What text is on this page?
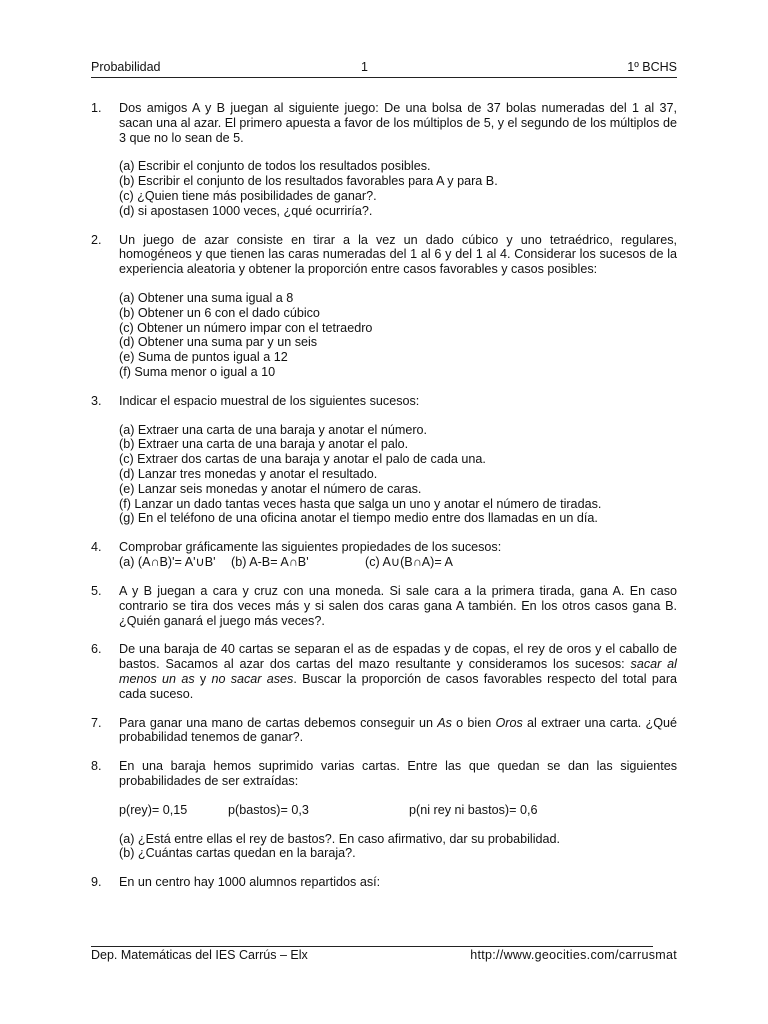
Probabilidad	1	1º BCHS
1. Dos amigos A y B juegan al siguiente juego: De una bolsa de 37 bolas numeradas del 1 al 37, sacan una al azar. El primero apuesta a favor de los múltiplos de 5, y el segundo de los múltiplos de 3 que no lo sean de 5.

(a) Escribir el conjunto de todos los resultados posibles.

(b) Escribir el conjunto de los resultados favorables para A y para B.

(c) ¿Quien tiene más posibilidades de ganar?.

(d) si apostasen 1000 veces, ¿qué ocurriría?.

2. Un juego de azar consiste en tirar a la vez un dado cúbico y uno tetraédrico, regulares, homogéneos y que tienen las caras numeradas del 1 al 6 y del 1 al 4. Considerar los sucesos de la experiencia aleatoria y obtener la proporción entre casos favorables y casos posibles:

(a) Obtener una suma igual a 8

(b) Obtener un 6 con el dado cúbico

(c) Obtener un número impar con el tetraedro

(d) Obtener una suma par y un seis

(e) Suma de puntos igual a 12

(f) Suma menor o igual a 10

3. Indicar el espacio muestral de los siguientes sucesos:

(a) Extraer una carta de una baraja y anotar el número.

(b) Extraer una carta de una baraja y anotar el palo.

(c) Extraer dos cartas de una baraja y anotar el palo de cada una.

(d) Lanzar tres monedas y anotar el resultado.

(e) Lanzar seis monedas y anotar el número de caras.

(f) Lanzar un dado tantas veces hasta que salga un uno y anotar el número de tiradas.

(g) En el teléfono de una oficina anotar el tiempo medio entre dos llamadas en un día.

4. Comprobar gráficamente las siguientes propiedades de los sucesos:

(a) (A∩B)'= A'∪B' (b) A-B= A∩B'	(c) A∪(B∩A)= A
5. A y B juegan a cara y cruz con una moneda. Si sale cara a la primera tirada, gana A. En caso contrario se tira dos veces más y si salen dos caras gana A también. En los otros casos gana B. ¿Quién ganará el juego más veces?.

6. De una baraja de 40 cartas se separan el as de espadas y de copas, el rey de oros y el caballo de bastos. Sacamos al azar dos cartas del mazo resultante y consideramos los sucesos: sacar al menos un as y no sacar ases. Buscar la proporción de casos favorables respecto del total para cada suceso.

7. Para ganar una mano de cartas debemos conseguir un As o bien Oros al extraer una carta. ¿Qué probabilidad tenemos de ganar?.

8. En una baraja hemos suprimido varias cartas. Entre las que quedan se dan las siguientes probabilidades de ser extraídas:

p(rey)= 0,15	p(bastos)= 0,3	p(ni rey ni bastos)= 0,6

(a) ¿Está entre ellas el rey de bastos?. En caso afirmativo, dar su probabilidad.

(b) ¿Cuántas cartas quedan en la baraja?.

9. En un centro hay 1000 alumnos repartidos así:

Dep. Matemáticas del IES Carrús – Elx	http://www.geocities.com/carrusmat
